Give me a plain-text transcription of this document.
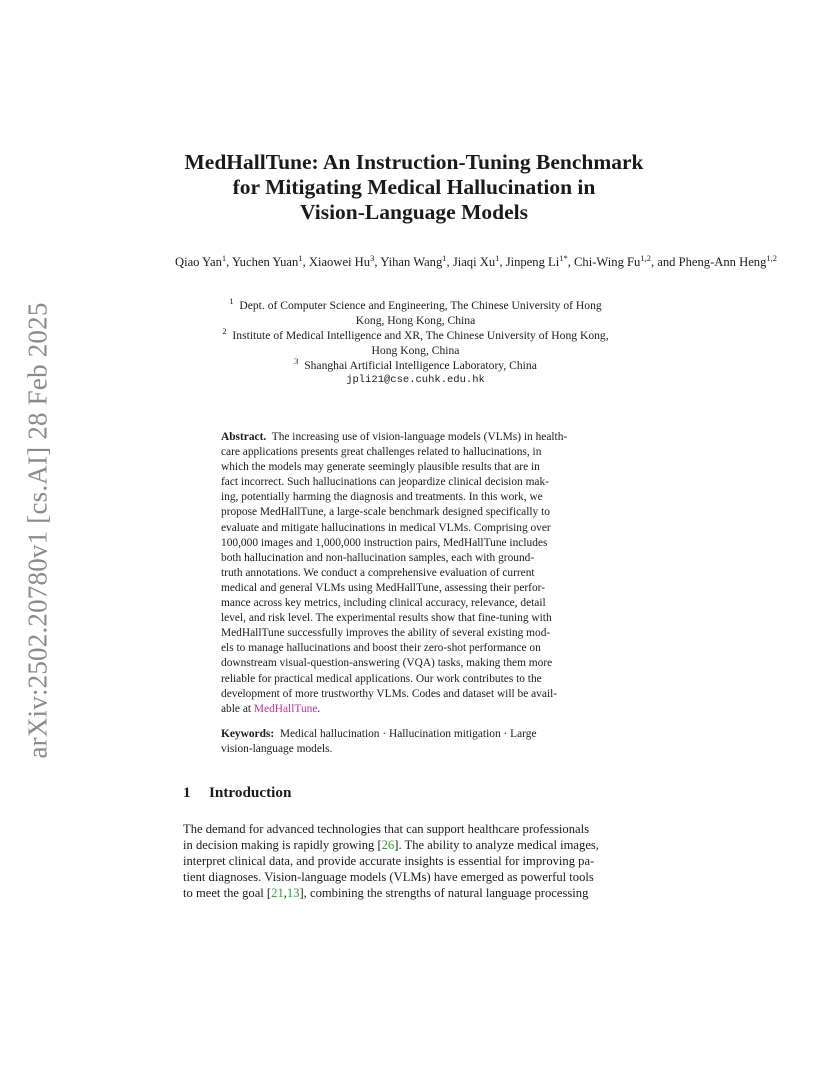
arXiv:2502.20780v1 [cs.AI] 28 Feb 2025
MedHallTune: An Instruction-Tuning Benchmark
for Mitigating Medical Hallucination in
Vision-Language Models
Qiao Yan$^1$, Yuchen Yuan$^1$, Xiaowei Hu$^3$, Yihan Wang$^1$, Jiaqi Xu$^1$, Jinpeng $Li^{1*}$, Chi-Wing Fu$^{1,2}$, and Pheng-Ann Heng$^{1,2}$
$^1$ Dept. of Computer Science and Engineering, The Chinese University of Hong
Kong, Hong Kong, China
$^2$ Institute of Medical Intelligence and XR, The Chinese University of Hong Kong,
Hong Kong, China
$^3$ Shanghai Artificial Intelligence Laboratory, China
jpli21@cse.cuhk.edu.hk
Abstract. The increasing use of vision-language models (VLMs) in health-
care applications presents great challenges related to hallucinations, in
which the models may generate seemingly plausible results that are in
fact incorrect. Such hallucinations can jeopardize clinical decision mak-
ing, potentially harming the diagnosis and treatments. In this work, we
propose MedHallTune, a large-scale benchmark designed specifically to
evaluate and mitigate hallucinations in medical VLMs. Comprising over
100,000 images and 1,000,000 instruction pairs, MedHallTune includes
both hallucination and non-hallucination samples, each with ground-
truth annotations. We conduct a comprehensive evaluation of current
medical and general VLMs using MedHallTune, assessing their perfor-
mance across key metrics, including clinical accuracy, relevance, detail
level, and risk level. The experimental results show that fine-tuning with
MedHallTune successfully improves the ability of several existing mod-
els to manage hallucinations and boost their zero-shot performance on
downstream visual-question-answering (VQA) tasks, making them more
reliable for practical medical applications. Our work contributes to the
development of more trustworthy VLMs. Codes and dataset will be avail-
able at MedHallTune.
Keywords: Medical hallucination · Hallucination mitigation · Large
vision-language models.
1 Introduction
The demand for advanced technologies that can support healthcare professionals
in decision making is rapidly growing [26]. The ability to analyze medical images,
interpret clinical data, and provide accurate insights is essential for improving pa-
tient diagnoses. Vision-language models (VLMs) have emerged as powerful tools
to meet the goal [21,13], combining the strengths of natural language processing
